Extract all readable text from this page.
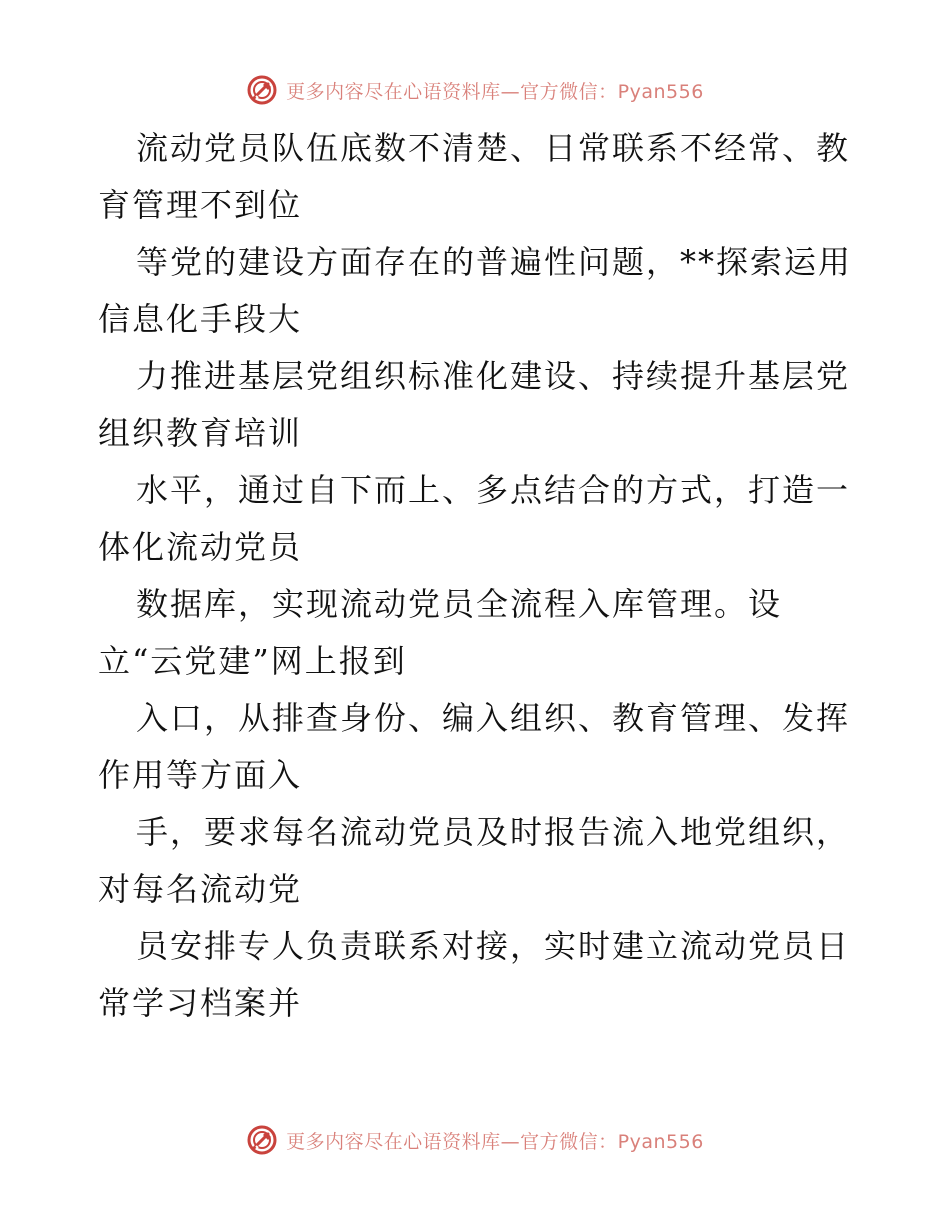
更多内容尽在心语资料库—官方微信：Pyan556

流动党员队伍底数不清楚、日常联系不经常、教
育管理不到位

等党的建设方面存在的普遍性问题，**探索运用
信息化手段大

力推进基层党组织标准化建设、持续提升基层党
组织教育培训

水平，通过自下而上、多点结合的方式，打造一
体化流动党员

数据库，实现流动党员全流程入库管理。设
立“云党建”网上报到

入口，从排查身份、编入组织、教育管理、发挥
作用等方面入

手，要求每名流动党员及时报告流入地党组织，
对每名流动党

员安排专人负责联系对接，实时建立流动党员日
常学习档案并

更多内容尽在心语资料库—官方微信：Pyan556
